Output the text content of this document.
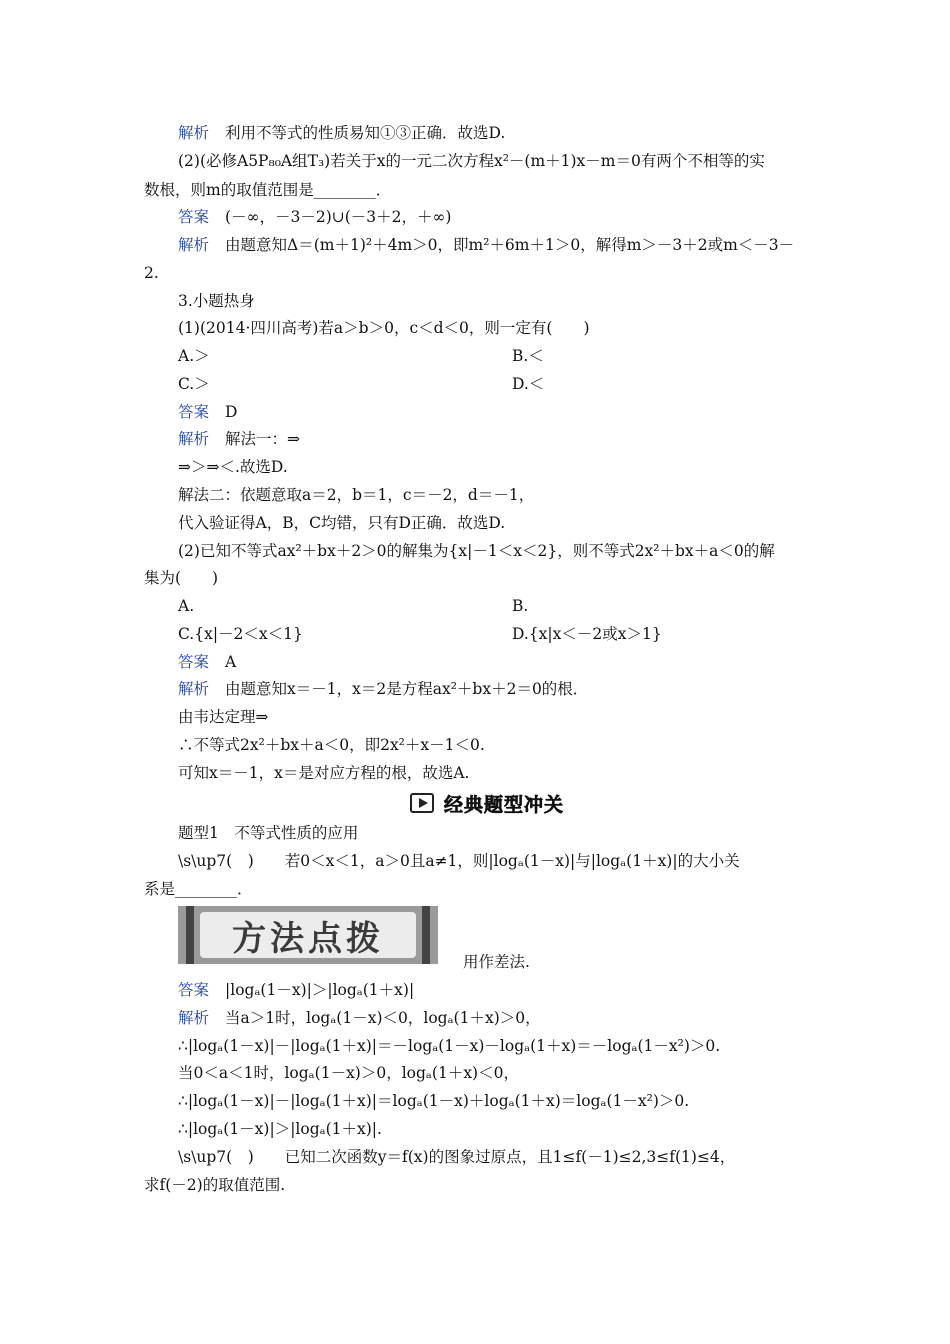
解析 利用不等式的性质易知①③正确．故选D.
(2)(必修A5P₈₀A组T₃)若关于x的一元二次方程x²－(m＋1)x－m＝0有两个不相等的实
数根，则m的取值范围是________．
答案 (－∞，－3－2)∪(－3＋2，＋∞)
解析 由题意知Δ＝(m＋1)²＋4m＞0，即m²＋6m＋1＞0，解得m＞－3＋2或m＜－3－
2.
3.小题热身
(1)(2014·四川高考)若a＞b＞0，c＜d＜0，则一定有(　　)
A.＞	B.＜
C.＞	D.＜
答案 D
解析 解法一：⇒
⇒＞⇒＜.故选D.
解法二：依题意取a＝2，b＝1，c＝－2，d＝－1，
代入验证得A，B，C均错，只有D正确．故选D.
(2)已知不等式ax²＋bx＋2＞0的解集为{x|－1＜x＜2}，则不等式2x²＋bx＋a＜0的解
集为(　　)
A.	B.
C.{x|－2＜x＜1}	D.{x|x＜－2或x＞1}
答案 A
解析 由题意知x＝－1，x＝2是方程ax²＋bx＋2＝0的根．
由韦达定理⇒
∴不等式2x²＋bx＋a＜0，即2x²＋x－1＜0.
可知x＝－1，x＝是对应方程的根，故选A.
经典题型冲关
题型1　不等式性质的应用
\s\up7(　)　　若0＜x＜1，a＞0且a≠1，则|logₐ(1－x)|与|logₐ(1＋x)|的大小关
系是________．
方法点拨
用作差法.
答案 |logₐ(1－x)|＞|logₐ(1＋x)|
解析 当a＞1时，logₐ(1－x)＜0，logₐ(1＋x)＞0，
∴|logₐ(1－x)|－|logₐ(1＋x)|＝－logₐ(1－x)－logₐ(1＋x)＝－logₐ(1－x²)＞0.
当0＜a＜1时，logₐ(1－x)＞0，logₐ(1＋x)＜0，
∴|logₐ(1－x)|－|logₐ(1＋x)|＝logₐ(1－x)＋logₐ(1＋x)＝logₐ(1－x²)＞0.
∴|logₐ(1－x)|＞|logₐ(1＋x)|.
\s\up7(　)　　已知二次函数y＝f(x)的图象过原点，且1≤f(－1)≤2,3≤f(1)≤4，
求f(－2)的取值范围.
